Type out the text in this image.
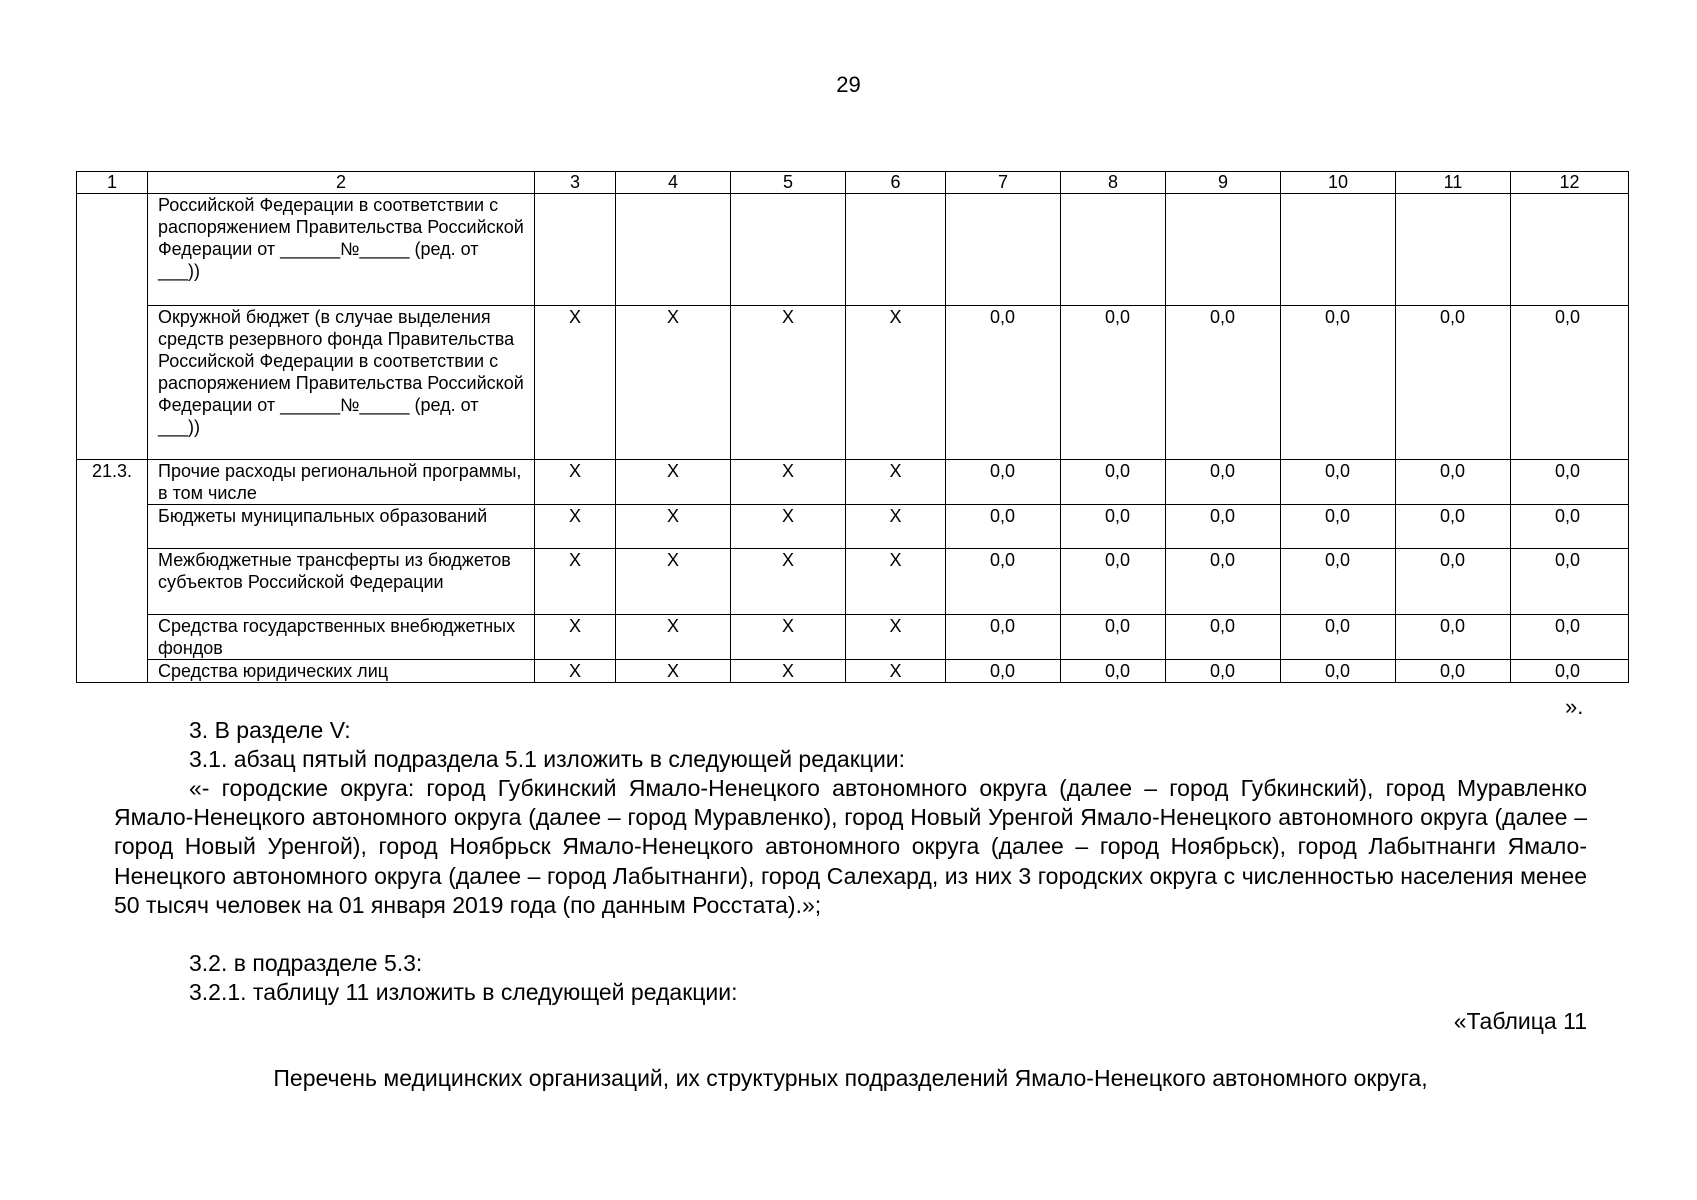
29
1	2	3	4	5	6	7	8	9	10	11	12
	Российской Федерации в соответствии с распоряжением Правительства Российской Федерации от ______№_____ (ред. от ___))										
	Окружной бюджет (в случае выделения средств резервного фонда Правительства Российской Федерации в соответствии с распоряжением Правительства Российской Федерации от ______№_____ (ред. от ___))	X	X	X	X	0,0	0,0	0,0	0,0	0,0	0,0
21.3.	Прочие расходы региональной программы, в том числе	X	X	X	X	0,0	0,0	0,0	0,0	0,0	0,0
	Бюджеты муниципальных образований	X	X	X	X	0,0	0,0	0,0	0,0	0,0	0,0
	Межбюджетные трансферты из бюджетов субъектов Российской Федерации	X	X	X	X	0,0	0,0	0,0	0,0	0,0	0,0
	Средства государственных внебюджетных фондов	X	X	X	X	0,0	0,0	0,0	0,0	0,0	0,0
	Средства юридических лиц	X	X	X	X	0,0	0,0	0,0	0,0	0,0	0,0
».
3. В разделе V:
3.1. абзац пятый подраздела 5.1 изложить в следующей редакции:
«- городские округа: город Губкинский Ямало-Ненецкого автономного округа (далее – город Губкинский), город Муравленко Ямало-Ненецкого автономного округа (далее – город Муравленко), город Новый Уренгой Ямало-Ненецкого автономного округа (далее – город Новый Уренгой), город Ноябрьск Ямало-Ненецкого автономного округа (далее – город Ноябрьск), город Лабытнанги Ямало-Ненецкого автономного округа (далее – город Лабытнанги), город Салехард, из них 3 городских округа с численностью населения менее 50 тысяч человек на 01 января 2019 года (по данным Росстата).»;
3.2. в подразделе 5.3:
3.2.1. таблицу 11 изложить в следующей редакции:
«Таблица 11
Перечень медицинских организаций, их структурных подразделений Ямало-Ненецкого автономного округа,
